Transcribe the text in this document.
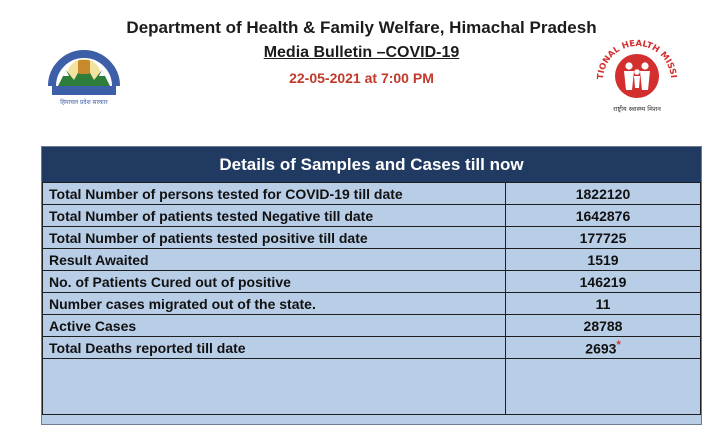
हिमाचल प्रदेश सरकार
Department of Health & Family Welfare, Himachal Pradesh
Media Bulletin –COVID-19
22-05-2021 at 7:00 PM	TIONAL HEALTH MISSI
राष्ट्रीय स्वास्थ्य मिशन
Details of Samples and Cases till now
Total Number of persons tested for COVID-19 till date	1822120
Total Number of patients tested Negative till date	1642876
Total Number of patients tested positive till date	177725
Result Awaited	1519
No. of Patients Cured out of positive	146219
Number cases migrated out of the state.	11
Active Cases	28788
Total Deaths reported till date	2693*
